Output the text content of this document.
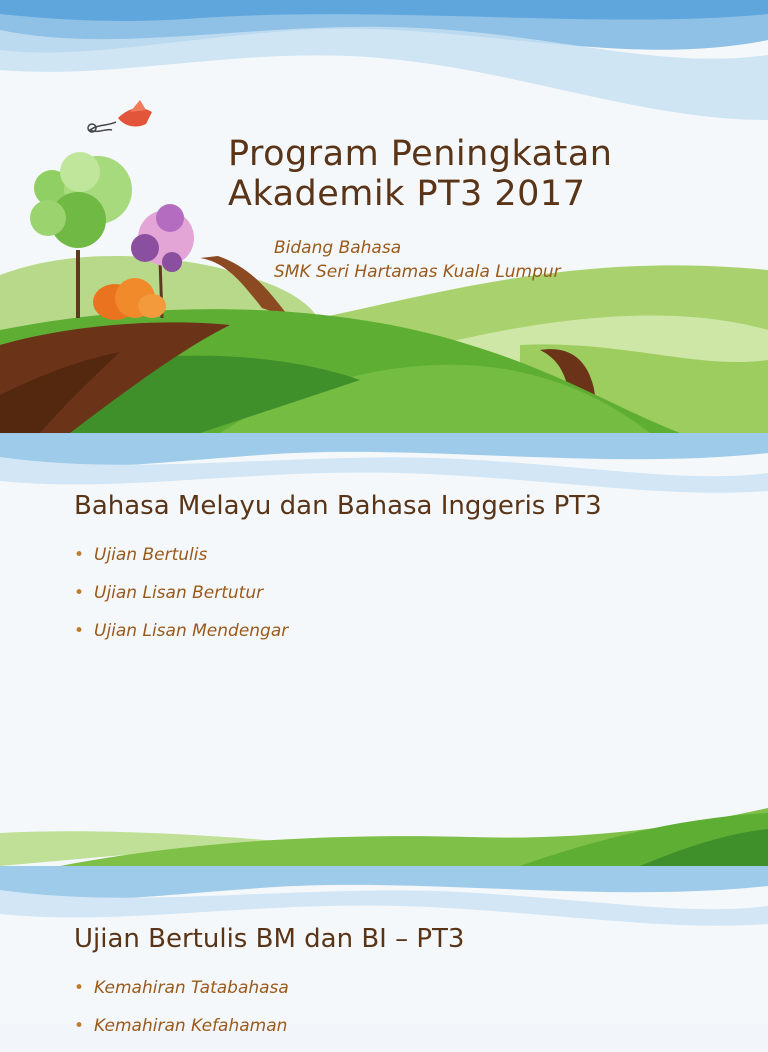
Program Peningkatan
Akademik PT3 2017
Bidang Bahasa
SMK Seri Hartamas Kuala Lumpur
Bahasa Melayu dan Bahasa Inggeris PT3
• Ujian Bertulis
• Ujian Lisan Bertutur
• Ujian Lisan Mendengar
Ujian Bertulis BM dan BI – PT3
• Kemahiran Tatabahasa
• Kemahiran Kefahaman
